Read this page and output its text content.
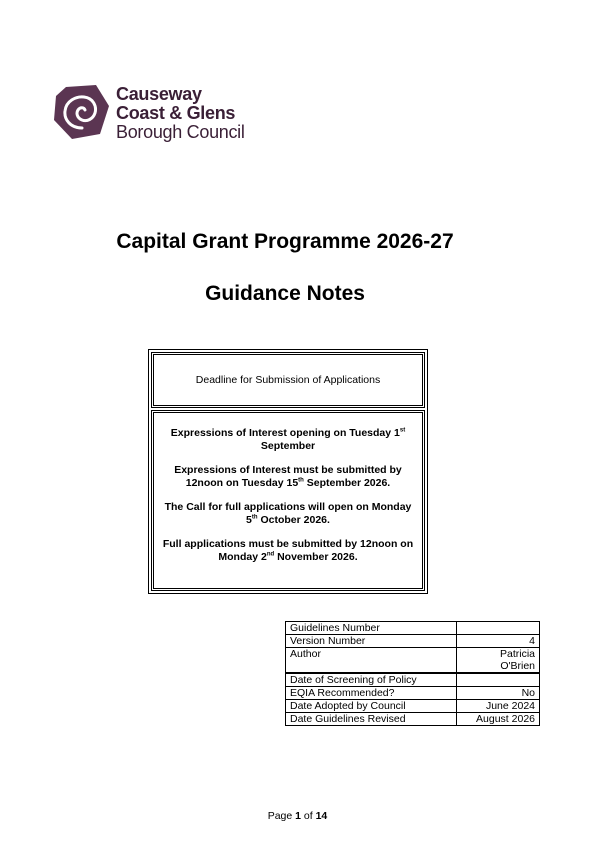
Causeway
Coast & Glens
Borough Council
Capital Grant Programme 2026-27
Guidance Notes
Deadline for Submission of Applications

Expressions of Interest opening on Tuesday 1st September

Expressions of Interest must be submitted by 12noon on Tuesday 15th September 2026.

The Call for full applications will open on Monday 5th October 2026.

Full applications must be submitted by 12noon on Monday 2nd November 2026.

Guidelines Number	
Version Number	4
Author	Patricia O'Brien
Date of Screening of Policy	
EQIA Recommended?	No
Date Adopted by Council	June 2024
Date Guidelines Revised	August 2026
Page 1 of 14
